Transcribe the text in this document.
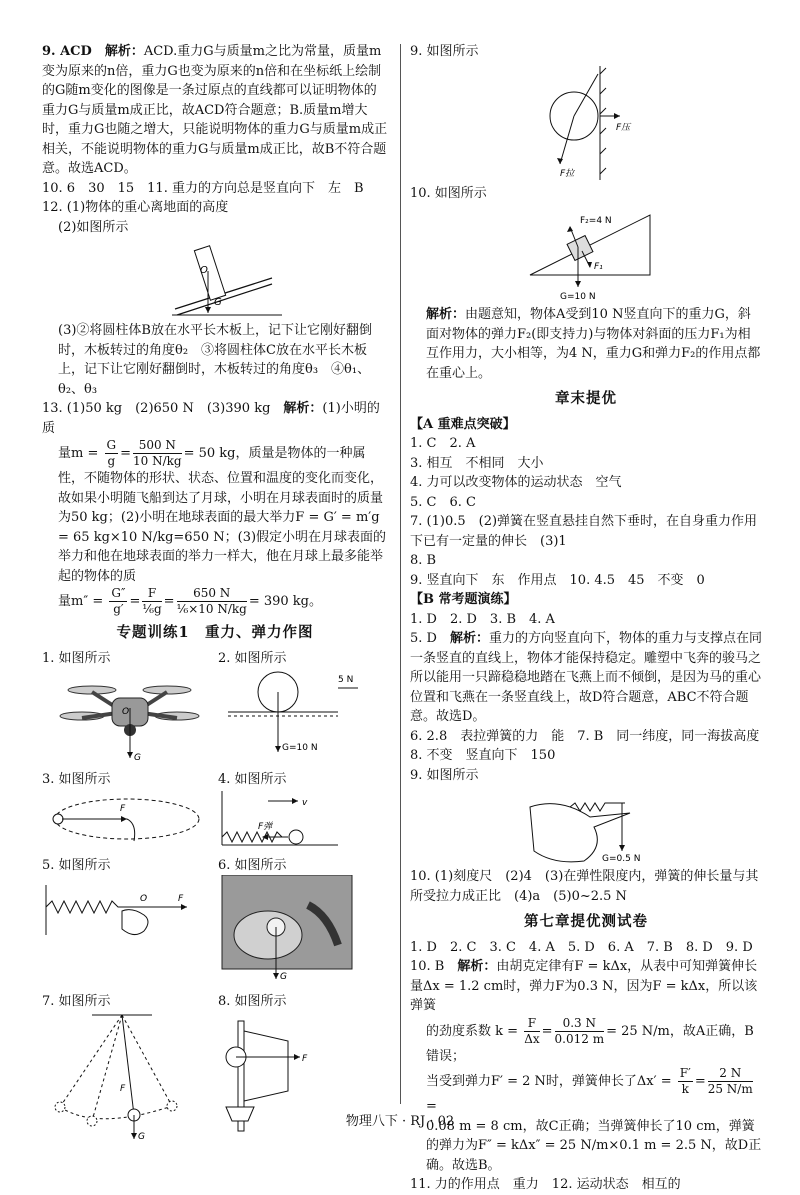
9. ACD　 解析：ACD.重力G与质量m之比为常量，质量m变为原来的n倍，重力G也变为原来的n倍和在坐标纸上绘制的G随m变化的图像是一条过原点的直线都可以证明物体的重力G与质量m成正比，故ACD符合题意；B.质量m增大时，重力G也随之增大，只能说明物体的重力G与质量m成正相关，不能说明物体的重力G与质量m成正比，故B不符合题意。故选ACD。

10. 6　30　15　11. 重力的方向总是竖直向下　左　B

12. (1)物体的重心离地面的高度

(2)如图所示

O
G

(3)②将圆柱体B放在水平长木板上，记下让它刚好翻倒时，木板转过的角度θ₂　③将圆柱体C放在水平长木板上，记下让它刚好翻倒时，木板转过的角度θ₃　④θ₁、θ₂、θ₃

13. (1)50 kg　(2)650 N　(3)390 kg　解析：(1)小明的质

量$m = \frac{G}{g} = \frac{500 N}{10 N/kg} = 50$ kg，质量是物体的一种属性，不随物体的形状、状态、位置和温度的变化而变化，故如果小明随飞船到达了月球，小明在月球表面时的质量为50 kg；(2)小明在地球表面的最大举力F = G′ = m′g = 65 kg×10 N/kg=650 N；(3)假定小明在月球表面的举力和他在地球表面的举力一样大，他在月球上最多能举起的物体的质

量$m'' = \frac{G''}{g'} = \frac{F}{\text{⅙g}} = \frac{650 N}{\text{⅙×10 N/kg}} = 390$ kg。

专题训练1　重力、弹力作图
1. 如图所示
O
G
2. 如图所示
5 N
G=10 N
3. 如图所示
F
4. 如图所示
v
F弹
5. 如图所示
O	F
6. 如图所示
G
7. 如图所示
F
G
8. 如图所示
F

9. 如图所示

F压
F拉

10. 如图所示

F₂=4 N
G=10 N
F₁

解析：由题意知，物体A受到10 N竖直向下的重力G，斜面对物体的弹力F₂(即支持力)与物体对斜面的压力F₁为相互作用力，大小相等，为4 N，重力G和弹力F₂的作用点都在重心上。

章末提优

【A 重难点突破】

1. C　2. A

3. 相互　不相同　大小

4. 力可以改变物体的运动状态　空气

5. C　6. C

7. (1)0.5　(2)弹簧在竖直悬挂自然下垂时，在自身重力作用下已有一定量的伸长　(3)1

8. B

9. 竖直向下　东　作用点　10. 4.5　45　不变　0

【B 常考题演练】

1. D　2. D　3. B　4. A

5. D　解析：重力的方向竖直向下，物体的重力与支撑点在同一条竖直的直线上，物体才能保持稳定。雕塑中飞奔的骏马之所以能用一只蹄稳稳地踏在飞燕上而不倾倒，是因为马的重心位置和飞燕在一条竖直线上，故D符合题意，ABC不符合题意。故选D。

6. 2.8　表拉弹簧的力　能　7. B　同一纬度，同一海拔高度

8. 不变　竖直向下　150

9. 如图所示

G=0.5 N

10. (1)刻度尺　(2)4　(3)在弹性限度内，弹簧的伸长量与其所受拉力成正比　(4)a　(5)0~2.5 N

第七章提优测试卷

1. D　2. C　3. C　4. A　5. D　6. A　7. B　8. D　9. D

10. B　解析：由胡克定律有F = kΔx，从表中可知弹簧伸长量Δx = 1.2 cm时，弹力F为0.3 N，因为F = kΔx，所以该弹簧

的劲度系数 $k = \frac{F}{\Delta x} = \frac{0.3 N}{0.012 m} = 25$ N/m，故A正确，B错误；

当受到弹力F′ = 2 N时，弹簧伸长了$\Delta x' = \frac{F'}{k} = \frac{2 N}{25 N/m}$
=

0.08 m = 8 cm，故C正确；当弹簧伸长了10 cm，弹簧的弹力为F″ = kΔx″ = 25 N/m×0.1 m = 2.5 N，故D正确。故选B。

11. 力的作用点　重力　12. 运动状态　相互的

物理八下 · RJ · 02
